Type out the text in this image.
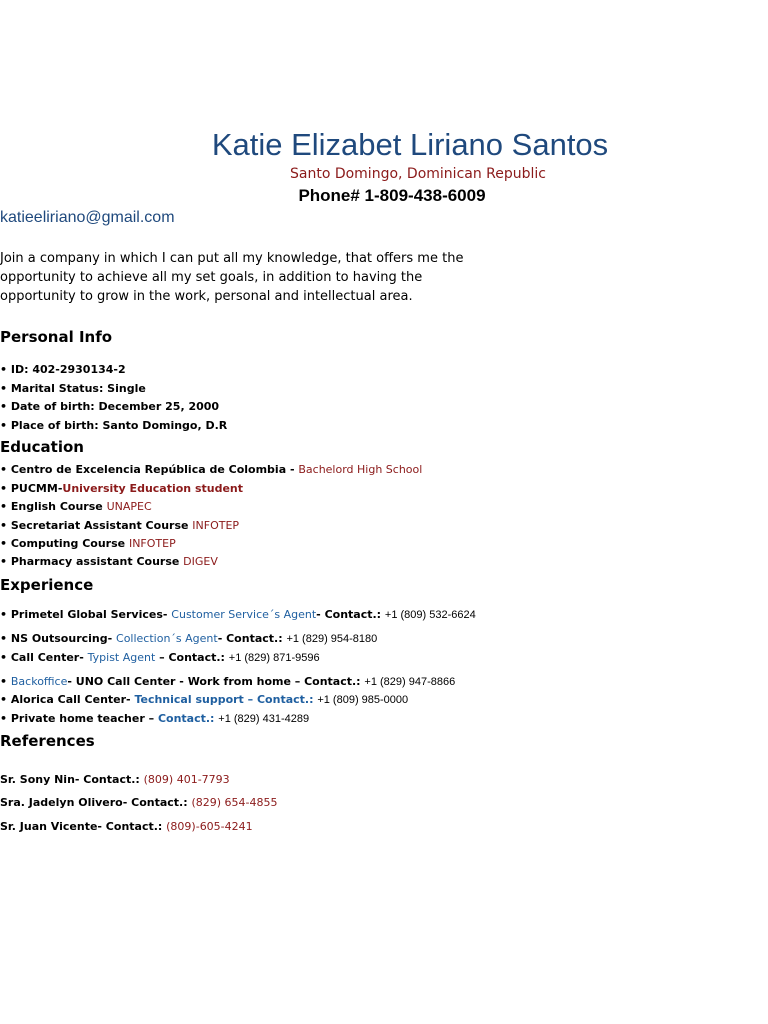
Katie Elizabet Liriano Santos
Santo Domingo, Dominican Republic
Phone# 1-809-438-6009
katieeliriano@gmail.com
Join a company in which I can put all my knowledge, that offers me the opportunity to achieve all my set goals, in addition to having the opportunity to grow in the work, personal and intellectual area.
Personal Info
• ID: 402-2930134-2
• Marital Status: Single
• Date of birth: December 25, 2000
• Place of birth: Santo Domingo, D.R
Education
• Centro de Excelencia República de Colombia - Bachelord High School
• PUCMM-University Education student
• English Course UNAPEC
• Secretariat Assistant Course INFOTEP
• Computing Course INFOTEP
• Pharmacy assistant Course DIGEV
Experience
• Primetel Global Services- Customer Service´s Agent- Contact.: +1 (809) 532-6624
• NS Outsourcing- Collection´s Agent- Contact.: +1 (829) 954-8180
• Call Center- Typist Agent – Contact.: +1 (829) 871-9596
• Backoffice- UNO Call Center - Work from home – Contact.: +1 (829) 947-8866
• Alorica Call Center- Technical support – Contact.: +1 (809) 985-0000
• Private home teacher – Contact.: +1 (829) 431-4289
References
Sr. Sony Nin- Contact.: (809) 401-7793
Sra. Jadelyn Olivero- Contact.: (829) 654-4855
Sr. Juan Vicente- Contact.: (809)-605-4241
